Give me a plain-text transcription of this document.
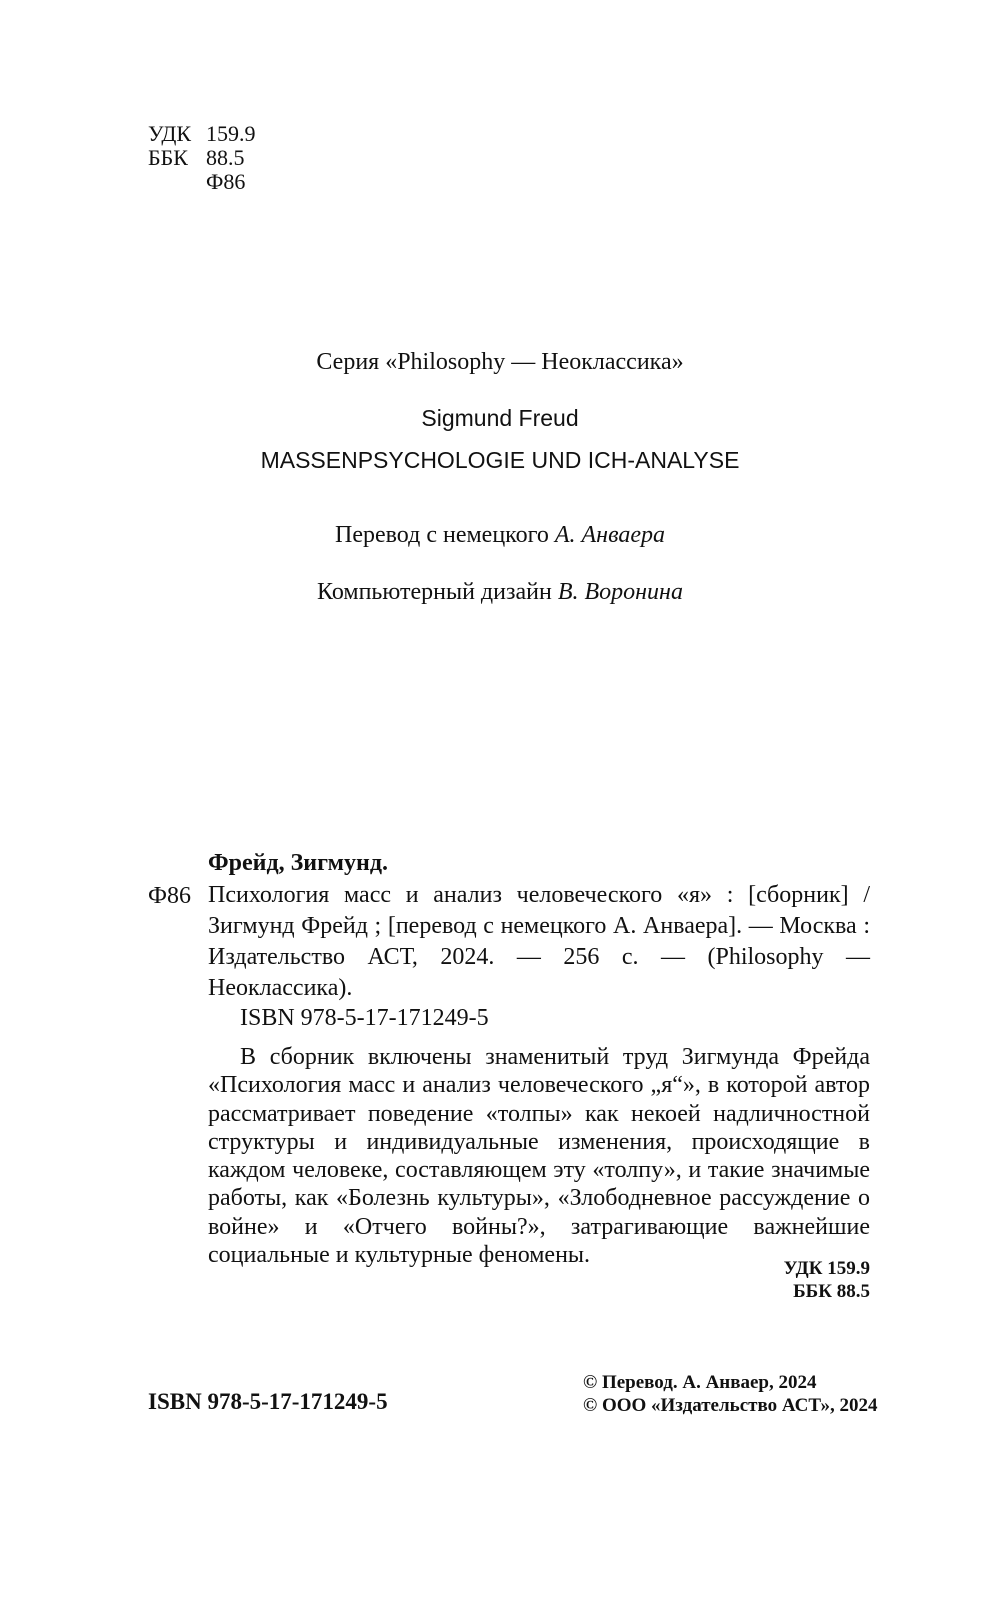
УДК 159.9
ББК 88.5
Ф86
Серия «Philosophy — Неоклассика»
Sigmund Freud
MASSENPSYCHOLOGIE UND ICH-ANALYSE
Перевод с немецкого А. Анваера
Компьютерный дизайн В. Воронина
Фрейд, Зигмунд.
Ф86 Психология масс и анализ человеческого «я» : [сборник] / Зигмунд Фрейд ; [перевод с немецкого А. Анваера]. — Москва : Издательство АСТ, 2024. — 256 с. — (Philosophy — Неоклассика).
ISBN 978-5-17-171249-5
В сборник включены знаменитый труд Зигмунда Фрейда «Психология масс и анализ человеческого „я“», в которой автор рассматривает поведение «толпы» как некоей надличностной структуры и индивидуальные изменения, происходящие в каждом человеке, составляющем эту «толпу», и такие значимые работы, как «Болезнь культуры», «Злободневное рассуждение о войне» и «Отчего войны?», затрагивающие важнейшие социальные и культурные феномены.
УДК 159.9
ББК 88.5
ISBN 978-5-17-171249-5
© Перевод. А. Анваер, 2024
© ООО «Издательство АСТ», 2024
